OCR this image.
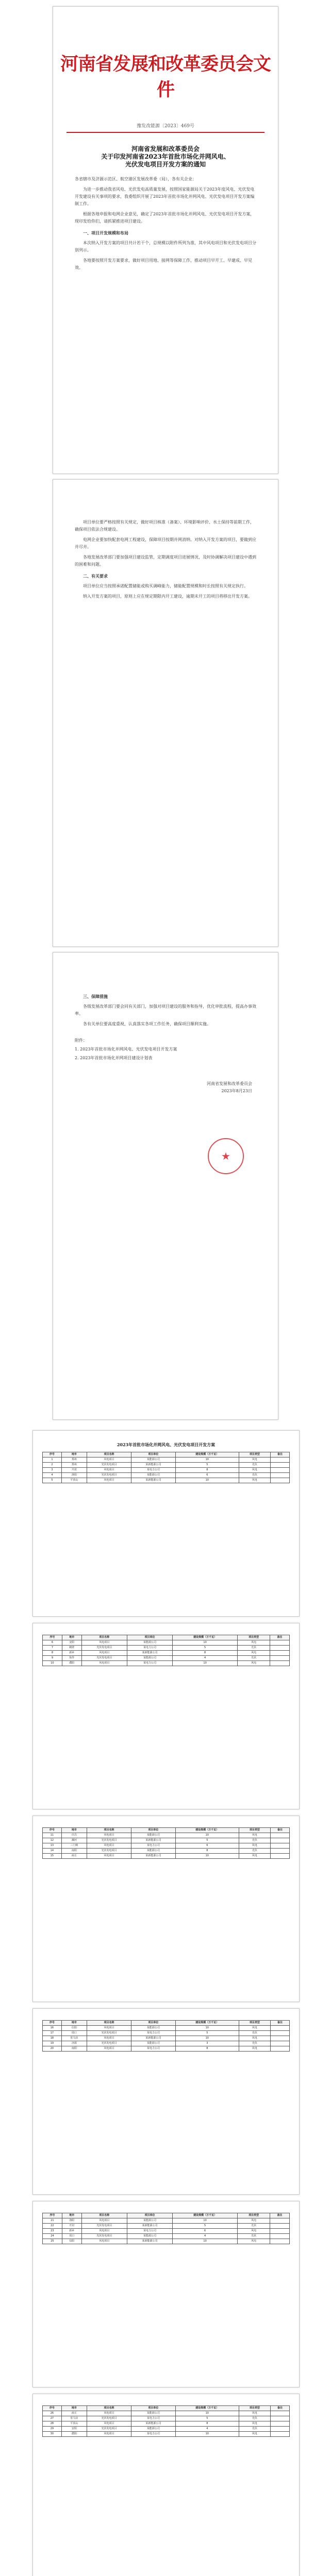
河南省发展和改革委员会文件
豫发改能源〔2023〕469号
河南省发展和改革委员会
关于印发河南省2023年首批市场化并网风电、
光伏发电项目开发方案的通知
各省辖市及济源示范区、航空港区发展改革委（局），各有关企业：
为进一步推动我省风电、光伏发电高质量发展，按照国家能源局关于2023年度风电、光伏发电开发建设有关事项的要求，我委组织开展了2023年首批市场化并网风电、光伏发电项目开发方案编制工作。
根据各地申报和电网企业意见，确定了2023年首批市场化并网风电、光伏发电项目开发方案，现印发给你们，请抓紧推进项目建设。
一、项目开发规模和布局
本次纳入开发方案的项目共计若干个，总规模以附件所列为准，其中风电项目和光伏发电项目分别列示。
各地要按照开发方案要求，做好项目用地、接网等保障工作，推动项目早开工、早建成、早见效。
项目单位要严格按照有关规定，做好项目核准（备案）、环境影响评价、水土保持等前期工作，确保项目依法合规建设。
电网企业要加快配套电网工程建设，保障项目按期并网消纳。对纳入开发方案的项目，要做到应并尽并。
各地发展改革部门要加强项目建设监管，定期调度项目进展情况，及时协调解决项目建设中遇到的困难和问题。
二、有关要求
项目单位应当按照承诺配置储能或购买调峰能力，储能配置规模和时长按照有关规定执行。
纳入开发方案的项目，原则上应在规定期限内开工建设，逾期未开工的项目将移出开发方案。
三、保障措施
各级发展改革部门要会同有关部门，加强对项目建设的服务和指导，优化审批流程，提高办事效率。
各有关单位要高度重视，认真落实各项工作任务，确保项目顺利实施。
附件：
1. 2023年首批市场化并网风电、光伏发电项目开发方案
2. 2023年首批市场化并网项目建设计划表
河南省发展和改革委员会
2023年8月23日
★
2023年首批市场化并网风电、光伏发电项目开发方案
序号	地市	项目名称	项目单位	建设规模（万千瓦）	项目类型	备注
1	郑州	风电项目	某能源公司	10	风电	
2	郑州	光伏发电项目	某新能源公司	5	光伏	
3	开封	风电项目	某电力公司	8	风电	
4	洛阳	光伏发电项目	某能源公司	6	光伏	
5	平顶山	风电项目	某新能源公司	10	风电	
序号	地市	项目名称	项目单位	建设规模（万千瓦）	项目类型	备注
6	安阳	风电项目	某能源公司	10	风电	
7	鹤壁	光伏发电项目	某电力公司	5	光伏	
8	新乡	风电项目	某新能源公司	8	风电	
9	焦作	光伏发电项目	某能源公司	4	光伏	
10	濮阳	风电项目	某电力公司	10	风电	
序号	地市	项目名称	项目单位	建设规模（万千瓦）	项目类型	备注
11	许昌	风电项目	某能源公司	10	风电	
12	漯河	光伏发电项目	某新能源公司	5	光伏	
13	三门峡	风电项目	某电力公司	6	风电	
14	南阳	光伏发电项目	某能源公司	8	光伏	
15	商丘	风电项目	某新能源公司	10	风电	
序号	地市	项目名称	项目单位	建设规模（万千瓦）	项目类型	备注
16	信阳	风电项目	某能源公司	10	风电	
17	周口	光伏发电项目	某电力公司	5	光伏	
18	驻马店	风电项目	某新能源公司	10	风电	
19	济源	光伏发电项目	某能源公司	3	光伏	
20	南阳	风电项目	某电力公司	8	风电	
序号	地市	项目名称	项目单位	建设规模（万千瓦）	项目类型	备注
21	洛阳	风电项目	某能源公司	10	风电	
22	开封	光伏发电项目	某新能源公司	5	光伏	
23	新乡	风电项目	某电力公司	6	风电	
24	周口	光伏发电项目	某能源公司	4	光伏	
25	信阳	风电项目	某新能源公司	10	风电	
序号	地市	项目名称	项目单位	建设规模（万千瓦）	项目类型	备注
26	商丘	风电项目	某能源公司	10	风电	
27	驻马店	光伏发电项目	某电力公司	5	光伏	
28	平顶山	风电项目	某新能源公司	8	风电	
29	安阳	光伏发电项目	某能源公司	4	光伏	
30	濮阳	风电项目	某电力公司	10	风电	
